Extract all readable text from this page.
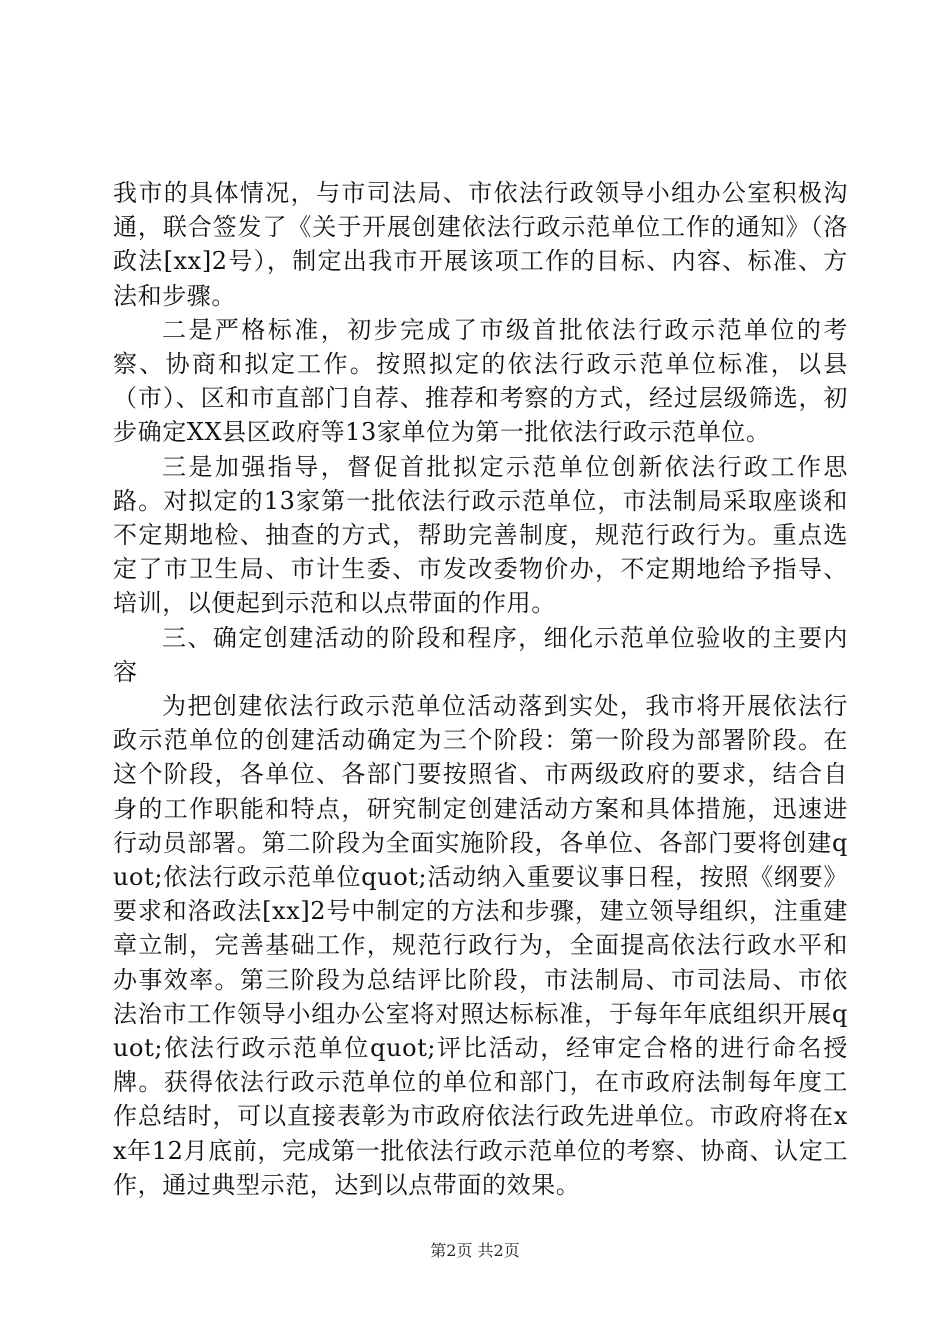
我市的具体情况，与市司法局、市依法行政领导小组办公室积极沟通，联合签发了《关于开展创建依法行政示范单位工作的通知》（洛政法[xx]2号），制定出我市开展该项工作的目标、内容、标准、方法和步骤。

二是严格标准，初步完成了市级首批依法行政示范单位的考察、协商和拟定工作。按照拟定的依法行政示范单位标准，以县（市）、区和市直部门自荐、推荐和考察的方式，经过层级筛选，初步确定XX县区政府等13家单位为第一批依法行政示范单位。

三是加强指导，督促首批拟定示范单位创新依法行政工作思路。对拟定的13家第一批依法行政示范单位，市法制局采取座谈和不定期地检、抽查的方式，帮助完善制度，规范行政行为。重点选定了市卫生局、市计生委、市发改委物价办，不定期地给予指导、培训，以便起到示范和以点带面的作用。

三、确定创建活动的阶段和程序，细化示范单位验收的主要内容

为把创建依法行政示范单位活动落到实处，我市将开展依法行政示范单位的创建活动确定为三个阶段：第一阶段为部署阶段。在这个阶段，各单位、各部门要按照省、市两级政府的要求，结合自身的工作职能和特点，研究制定创建活动方案和具体措施，迅速进行动员部署。第二阶段为全面实施阶段，各单位、各部门要将创建quot;依法行政示范单位quot;活动纳入重要议事日程，按照《纲要》要求和洛政法[xx]2号中制定的方法和步骤，建立领导组织，注重建章立制，完善基础工作，规范行政行为，全面提高依法行政水平和办事效率。第三阶段为总结评比阶段，市法制局、市司法局、市依法治市工作领导小组办公室将对照达标标准，于每年年底组织开展quot;依法行政示范单位quot;评比活动，经审定合格的进行命名授牌。获得依法行政示范单位的单位和部门，在市政府法制每年度工作总结时，可以直接表彰为市政府依法行政先进单位。市政府将在xx年12月底前，完成第一批依法行政示范单位的考察、协商、认定工作，通过典型示范，达到以点带面的效果。

第2页 共2页
